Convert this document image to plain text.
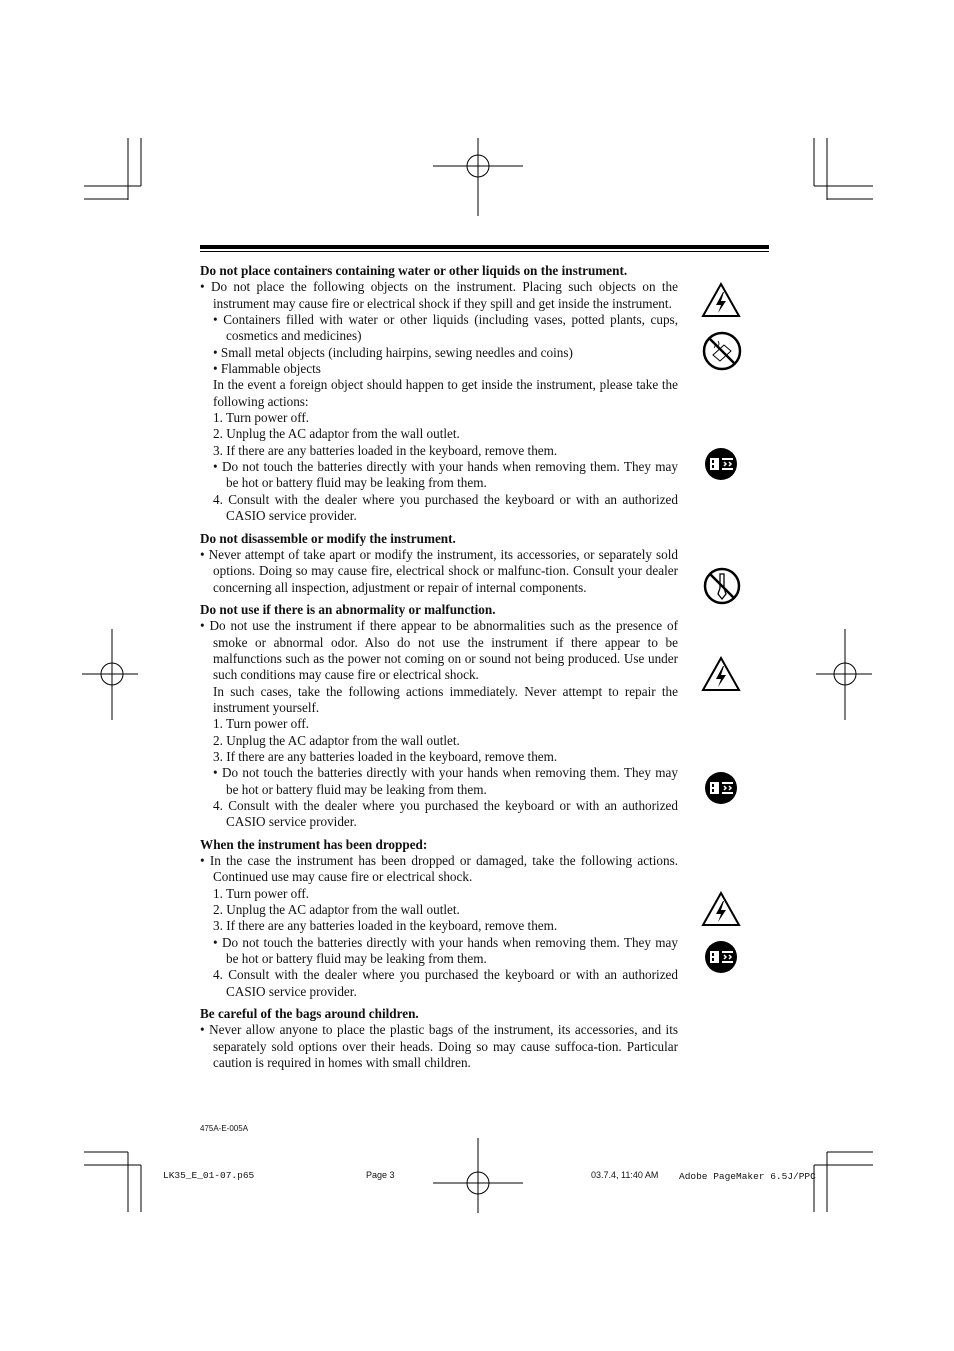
Do not place containers containing water or other liquids on the instrument.

• Do not place the following objects on the instrument. Placing such objects on the instrument may cause fire or electrical shock if they spill and get inside the instrument.

• Containers filled with water or other liquids (including vases, potted plants, cups, cosmetics and medicines)

• Small metal objects (including hairpins, sewing needles and coins)

• Flammable objects

In the event a foreign object should happen to get inside the instrument, please take the following actions:

1. Turn power off.

2. Unplug the AC adaptor from the wall outlet.

3. If there are any batteries loaded in the keyboard, remove them.

• Do not touch the batteries directly with your hands when removing them. They may be hot or battery fluid may be leaking from them.

4. Consult with the dealer where you purchased the keyboard or with an authorized CASIO service provider.

Do not disassemble or modify the instrument.

• Never attempt of take apart or modify the instrument, its accessories, or separately sold options. Doing so may cause fire, electrical shock or malfunc-tion. Consult your dealer concerning all inspection, adjustment or repair of internal components.

Do not use if there is an abnormality or malfunction.

• Do not use the instrument if there appear to be abnormalities such as the presence of smoke or abnormal odor. Also do not use the instrument if there appear to be malfunctions such as the power not coming on or sound not being produced. Use under such conditions may cause fire or electrical shock.

In such cases, take the following actions immediately. Never attempt to repair the instrument yourself.

1. Turn power off.

2. Unplug the AC adaptor from the wall outlet.

3. If there are any batteries loaded in the keyboard, remove them.

• Do not touch the batteries directly with your hands when removing them. They may be hot or battery fluid may be leaking from them.

4. Consult with the dealer where you purchased the keyboard or with an authorized CASIO service provider.

When the instrument has been dropped:

• In the case the instrument has been dropped or damaged, take the following actions. Continued use may cause fire or electrical shock.

1. Turn power off.

2. Unplug the AC adaptor from the wall outlet.

3. If there are any batteries loaded in the keyboard, remove them.

• Do not touch the batteries directly with your hands when removing them. They may be hot or battery fluid may be leaking from them.

4. Consult with the dealer where you purchased the keyboard or with an authorized CASIO service provider.

Be careful of the bags around children.

• Never allow anyone to place the plastic bags of the instrument, its accessories, and its separately sold options over their heads. Doing so may cause suffoca-tion. Particular caution is required in homes with small children.

475A-E-005A
LK35_E_01-07.p65	Page 3	03.7.4, 11:40 AM Adobe PageMaker 6.5J/PPC
